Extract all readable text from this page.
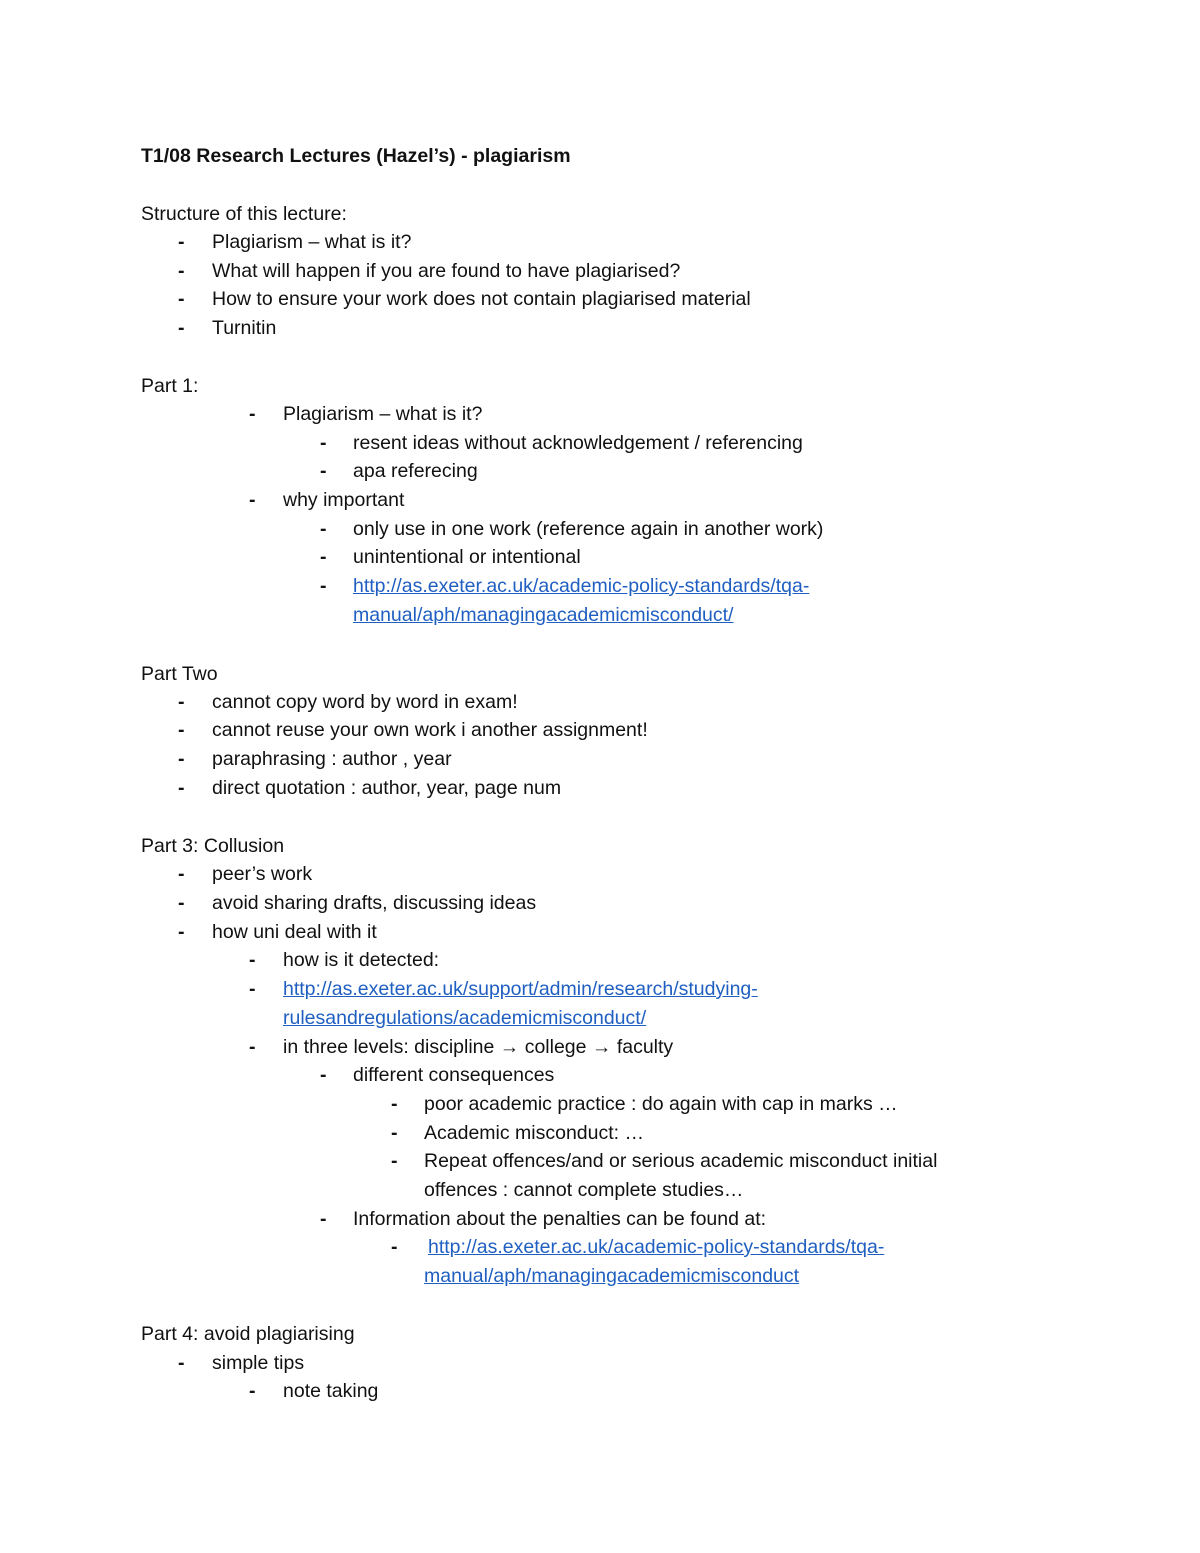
T1/08 Research Lectures (Hazel’s) - plagiarism
Structure of this lecture:
- Plagiarism – what is it?
- What will happen if you are found to have plagiarised?
- How to ensure your work does not contain plagiarised material
- Turnitin
Part 1:
- Plagiarism – what is it?
- resent ideas without acknowledgement / referencing
- apa referecing
- why important
- only use in one work (reference again in another work)
- unintentional or intentional
- http://as.exeter.ac.uk/academic-policy-standards/tqa-
manual/aph/managingacademicmisconduct/
Part Two
- cannot copy word by word in exam!
- cannot reuse your own work i another assignment!
- paraphrasing : author , year
- direct quotation : author, year, page num
Part 3: Collusion
- peer’s work
- avoid sharing drafts, discussing ideas
- how uni deal with it
- how is it detected:
- http://as.exeter.ac.uk/support/admin/research/studying-
rulesandregulations/academicmisconduct/
- in three levels: discipline → college → faculty
- different consequences
- poor academic practice : do again with cap in marks …
- Academic misconduct: …
- Repeat offences/and or serious academic misconduct initial
offences : cannot complete studies…
- Information about the penalties can be found at:
- http://as.exeter.ac.uk/academic-policy-standards/tqa-
manual/aph/managingacademicmisconduct
Part 4: avoid plagiarising
- simple tips
- note taking
